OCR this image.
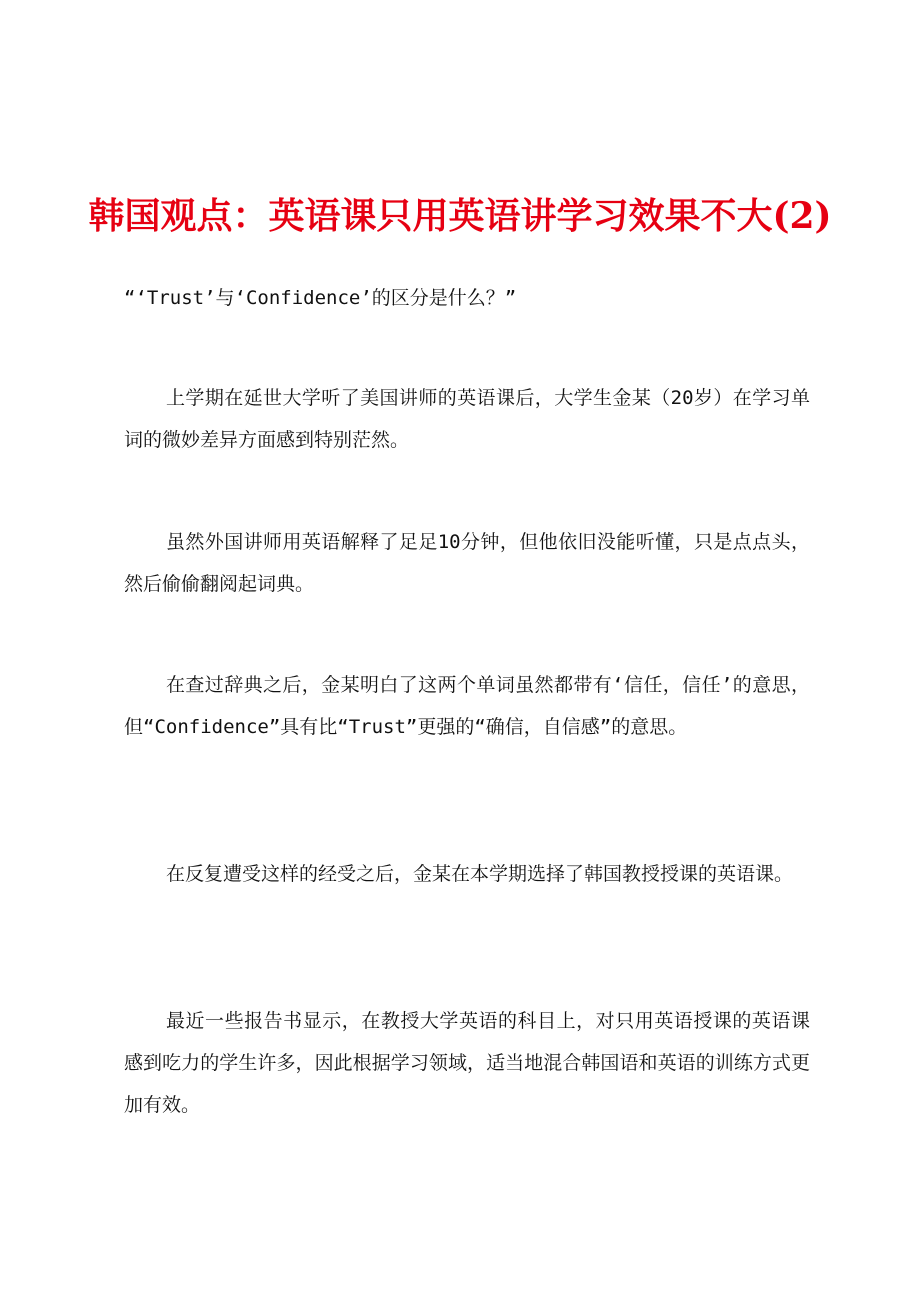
韩国观点：英语课只用英语讲学习效果不大(2)
“‘Trust’与‘Confidence’的区分是什么？”

上学期在延世大学听了美国讲师的英语课后，大学生金某（20岁）在学习单词的微妙差异方面感到特别茫然。

虽然外国讲师用英语解释了足足10分钟，但他依旧没能听懂，只是点点头，然后偷偷翻阅起词典。

在查过辞典之后，金某明白了这两个单词虽然都带有‘信任，信任’的意思，但“Confidence”具有比“Trust”更强的“确信，自信感”的意思。

在反复遭受这样的经受之后，金某在本学期选择了韩国教授授课的英语课。

最近一些报告书显示，在教授大学英语的科目上，对只用英语授课的英语课感到吃力的学生许多，因此根据学习领域，适当地混合韩国语和英语的训练方式更加有效。
